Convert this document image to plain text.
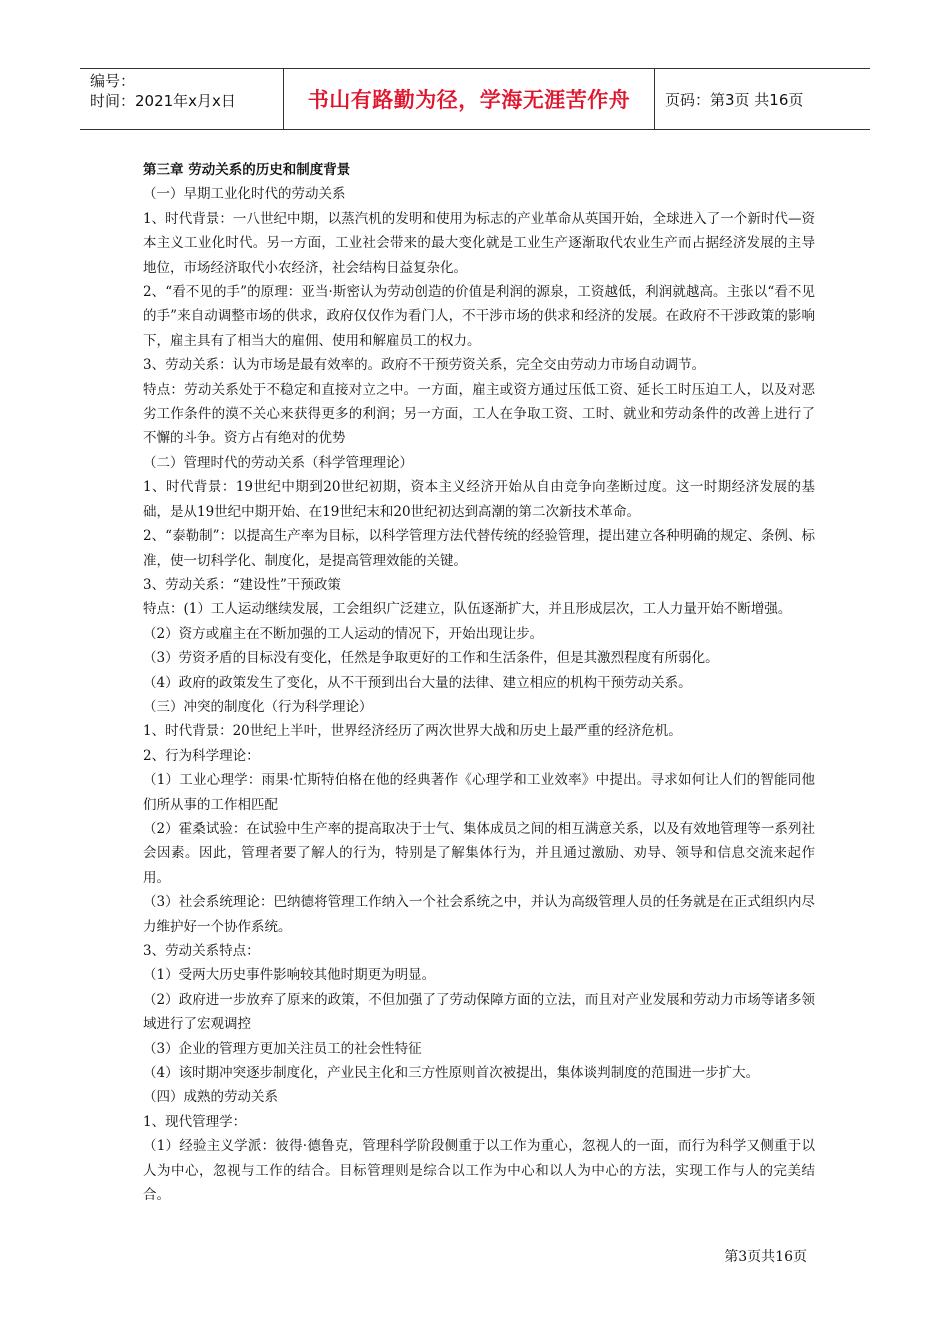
编号：
时间：2021年x月x日	书山有路勤为径，学海无涯苦作舟	页码：第3页 共16页

第三章 劳动关系的历史和制度背景

（一）早期工业化时代的劳动关系

1、时代背景：一八世纪中期，以蒸汽机的发明和使用为标志的产业革命从英国开始，全球进入了一个新时代—资本主义工业化时代。另一方面，工业社会带来的最大变化就是工业生产逐渐取代农业生产而占据经济发展的主导地位，市场经济取代小农经济，社会结构日益复杂化。

2、“看不见的手”的原理：亚当·斯密认为劳动创造的价值是利润的源泉，工资越低，利润就越高。主张以“看不见的手”来自动调整市场的供求，政府仅仅作为看门人，不干涉市场的供求和经济的发展。在政府不干涉政策的影响下，雇主具有了相当大的雇佣、使用和解雇员工的权力。

3、劳动关系：认为市场是最有效率的。政府不干预劳资关系，完全交由劳动力市场自动调节。

特点：劳动关系处于不稳定和直接对立之中。一方面，雇主或资方通过压低工资、延长工时压迫工人，以及对恶劣工作条件的漠不关心来获得更多的利润；另一方面，工人在争取工资、工时、就业和劳动条件的改善上进行了不懈的斗争。资方占有绝对的优势

（二）管理时代的劳动关系（科学管理理论）

1、时代背景：19世纪中期到20世纪初期，资本主义经济开始从自由竞争向垄断过度。这一时期经济发展的基础，是从19世纪中期开始、在19世纪末和20世纪初达到高潮的第二次新技术革命。

2、“泰勒制”：以提高生产率为目标，以科学管理方法代替传统的经验管理，提出建立各种明确的规定、条例、标准，使一切科学化、制度化，是提高管理效能的关键。

3、劳动关系：“建设性”干预政策

特点：(1）工人运动继续发展，工会组织广泛建立，队伍逐渐扩大，并且形成层次，工人力量开始不断增强。

（2）资方或雇主在不断加强的工人运动的情况下，开始出现让步。

（3）劳资矛盾的目标没有变化，任然是争取更好的工作和生活条件，但是其激烈程度有所弱化。

（4）政府的政策发生了变化，从不干预到出台大量的法律、建立相应的机构干预劳动关系。

（三）冲突的制度化（行为科学理论）

1、时代背景：20世纪上半叶，世界经济经历了两次世界大战和历史上最严重的经济危机。

2、行为科学理论：

（1）工业心理学：雨果·忙斯特伯格在他的经典著作《心理学和工业效率》中提出。寻求如何让人们的智能同他们所从事的工作相匹配

（2）霍桑试验：在试验中生产率的提高取决于士气、集体成员之间的相互满意关系，以及有效地管理等一系列社会因素。因此，管理者要了解人的行为，特别是了解集体行为，并且通过激励、劝导、领导和信息交流来起作用。

（3）社会系统理论：巴纳德将管理工作纳入一个社会系统之中，并认为高级管理人员的任务就是在正式组织内尽力维护好一个协作系统。

3、劳动关系特点：

（1）受两大历史事件影响较其他时期更为明显。

（2）政府进一步放弃了原来的政策，不但加强了了劳动保障方面的立法，而且对产业发展和劳动力市场等诸多领域进行了宏观调控

（3）企业的管理方更加关注员工的社会性特征

（4）该时期冲突逐步制度化，产业民主化和三方性原则首次被提出，集体谈判制度的范围进一步扩大。

（四）成熟的劳动关系

1、现代管理学：

（1）经验主义学派：彼得·德鲁克，管理科学阶段侧重于以工作为重心，忽视人的一面，而行为科学又侧重于以人为中心，忽视与工作的结合。目标管理则是综合以工作为中心和以人为中心的方法，实现工作与人的完美结合。

第3页共16页
